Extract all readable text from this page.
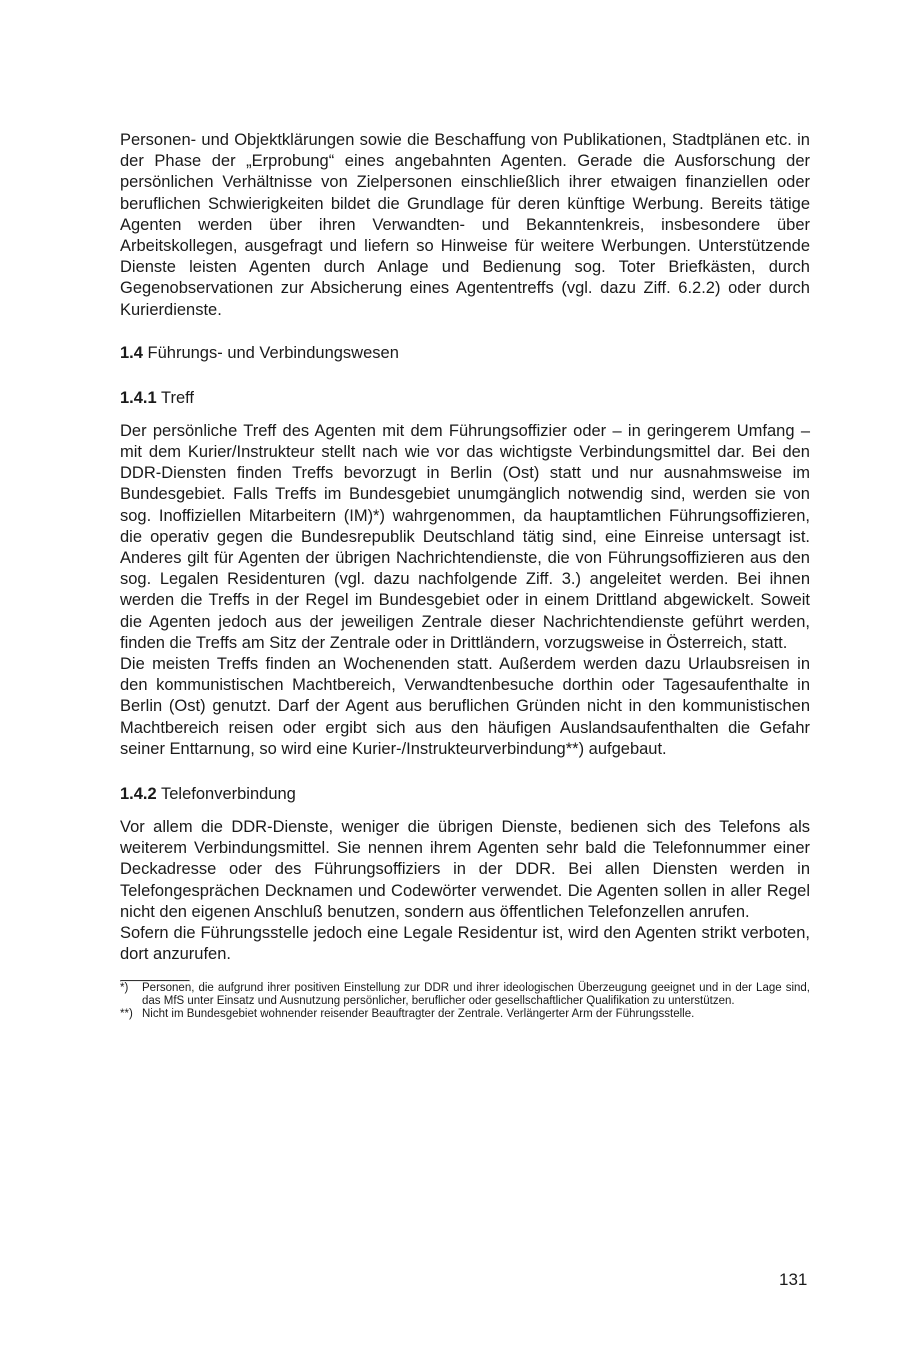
Personen- und Objektklärungen sowie die Beschaffung von Publikationen, Stadtplänen etc. in der Phase der „Erprobung“ eines angebahnten Agenten. Gerade die Ausforschung der persönlichen Verhältnisse von Zielpersonen einschließlich ihrer etwaigen finanziellen oder beruflichen Schwierigkeiten bildet die Grundlage für deren künftige Werbung. Bereits tätige Agenten werden über ihren Verwandten- und Bekanntenkreis, insbesondere über Arbeitskollegen, ausgefragt und liefern so Hinweise für weitere Werbungen. Unterstützende Dienste leisten Agenten durch Anlage und Bedienung sog. Toter Briefkästen, durch Gegenobservationen zur Absicherung eines Agententreffs (vgl. dazu Ziff. 6.2.2) oder durch Kurierdienste.

1.4 Führungs- und Verbindungswesen

1.4.1 Treff

Der persönliche Treff des Agenten mit dem Führungsoffizier oder – in geringerem Umfang – mit dem Kurier/Instrukteur stellt nach wie vor das wichtigste Verbindungsmittel dar. Bei den DDR-Diensten finden Treffs bevorzugt in Berlin (Ost) statt und nur ausnahmsweise im Bundesgebiet. Falls Treffs im Bundesgebiet unumgänglich notwendig sind, werden sie von sog. Inoffiziellen Mitarbeitern (IM)*) wahrgenommen, da hauptamtlichen Führungsoffizieren, die operativ gegen die Bundesrepublik Deutschland tätig sind, eine Einreise untersagt ist. Anderes gilt für Agenten der übrigen Nachrichtendienste, die von Führungsoffizieren aus den sog. Legalen Residenturen (vgl. dazu nachfolgende Ziff. 3.) angeleitet werden. Bei ihnen werden die Treffs in der Regel im Bundesgebiet oder in einem Drittland abgewickelt. Soweit die Agenten jedoch aus der jeweiligen Zentrale dieser Nachrichtendienste geführt werden, finden die Treffs am Sitz der Zentrale oder in Drittländern, vorzugsweise in Österreich, statt.

Die meisten Treffs finden an Wochenenden statt. Außerdem werden dazu Urlaubsreisen in den kommunistischen Machtbereich, Verwandtenbesuche dorthin oder Tagesaufenthalte in Berlin (Ost) genutzt. Darf der Agent aus beruflichen Gründen nicht in den kommunistischen Machtbereich reisen oder ergibt sich aus den häufigen Auslandsaufenthalten die Gefahr seiner Enttarnung, so wird eine Kurier-/Instrukteurverbindung**) aufgebaut.

1.4.2 Telefonverbindung

Vor allem die DDR-Dienste, weniger die übrigen Dienste, bedienen sich des Telefons als weiterem Verbindungsmittel. Sie nennen ihrem Agenten sehr bald die Telefonnummer einer Deckadresse oder des Führungsoffiziers in der DDR. Bei allen Diensten werden in Telefongesprächen Decknamen und Codewörter verwendet. Die Agenten sollen in aller Regel nicht den eigenen Anschluß benutzen, sondern aus öffentlichen Telefonzellen anrufen.

Sofern die Führungsstelle jedoch eine Legale Residentur ist, wird den Agenten strikt verboten, dort anzurufen.

*)	Personen, die aufgrund ihrer positiven Einstellung zur DDR und ihrer ideologischen Überzeugung geeignet und in der Lage sind, das MfS unter Einsatz und Ausnutzung persönlicher, beruflicher oder gesellschaftlicher Qualifikation zu unterstützen.

**) Nicht im Bundesgebiet wohnender reisender Beauftragter der Zentrale. Verlängerter Arm der Führungsstelle.

131
